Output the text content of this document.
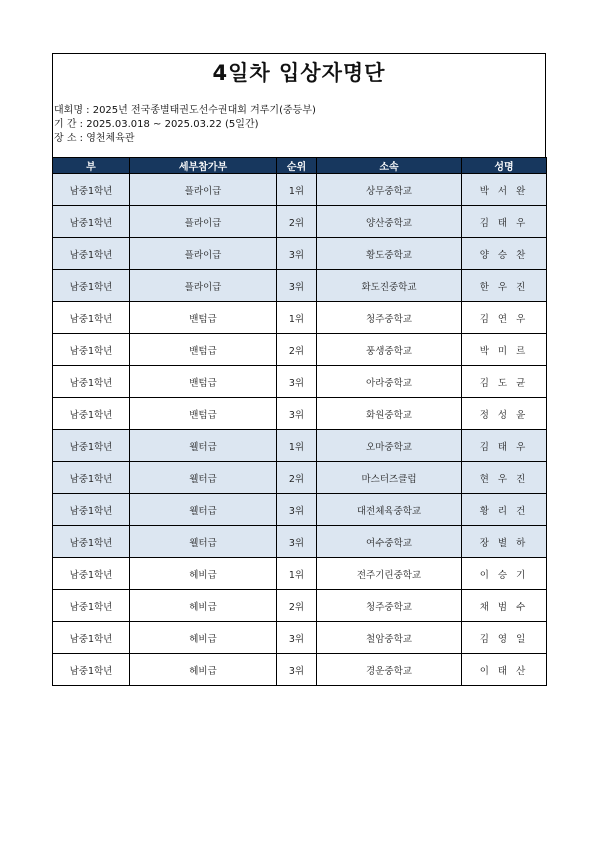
4일차 입상자명단
대회명 : 2025년 전국종별태권도선수권대회 겨루기(중등부)
기 간 : 2025.03.018 ~ 2025.03.22 (5일간)
장 소 : 영천체육관
부	세부참가부	순위	소속	성명
남중1학년	플라이급	1위	상무중학교	박 서 완
남중1학년	플라이급	2위	양산중학교	김 태 우
남중1학년	플라이급	3위	황도중학교	양 승 찬
남중1학년	플라이급	3위	화도진중학교	한 우 진
남중1학년	밴텀급	1위	청주중학교	김 연 우
남중1학년	밴텀급	2위	풍생중학교	박 미 르
남중1학년	밴텀급	3위	아라중학교	김 도 균
남중1학년	밴텀급	3위	화원중학교	정 성 윤
남중1학년	웰터급	1위	오마중학교	김 태 우
남중1학년	웰터급	2위	마스터즈클럽	현 우 진
남중1학년	웰터급	3위	대전체육중학교	황 리 건
남중1학년	웰터급	3위	여수중학교	장 별 하
남중1학년	헤비급	1위	전주기린중학교	이 승 기
남중1학년	헤비급	2위	청주중학교	채 범 수
남중1학년	헤비급	3위	철암중학교	김 영 일
남중1학년	헤비급	3위	경운중학교	이 태 산
